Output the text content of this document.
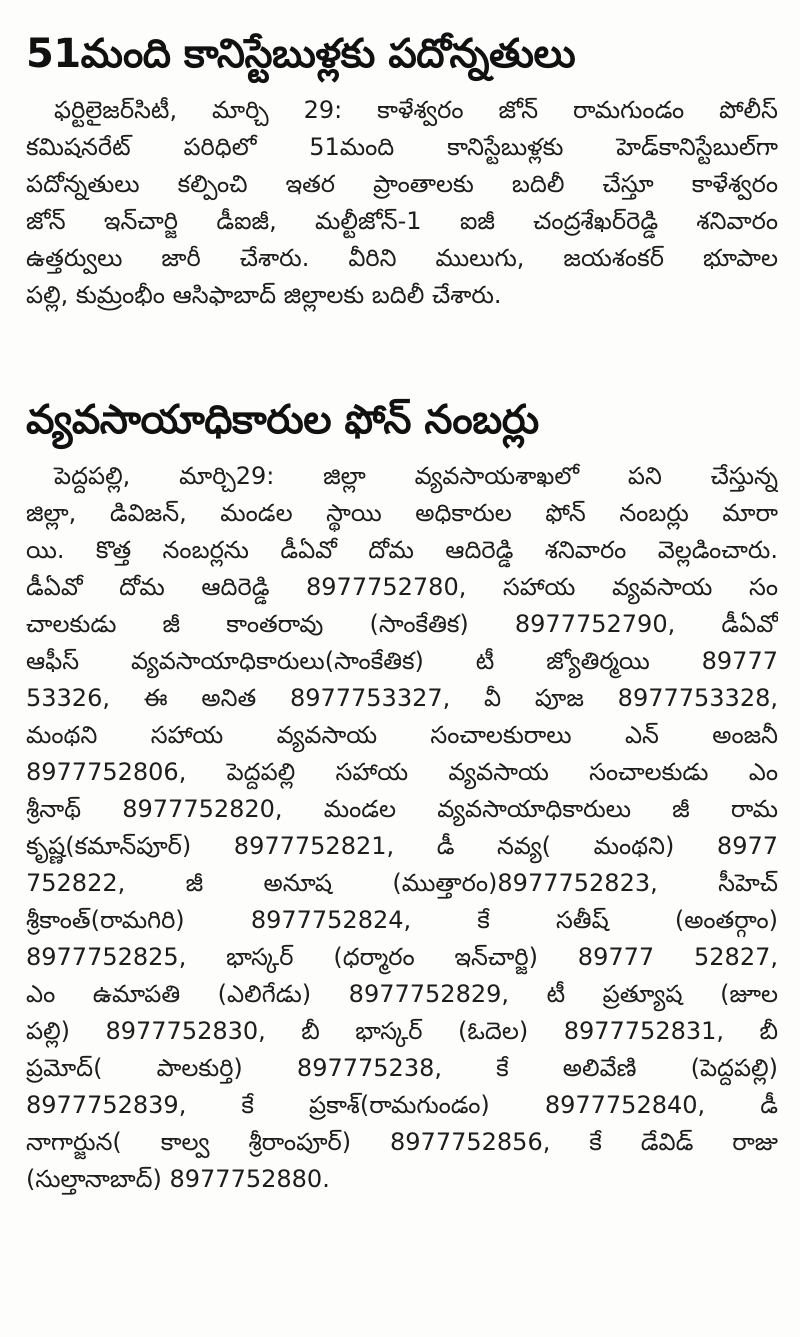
51మంది కానిస్టేబుళ్లకు పదోన్నతులు

ఫర్టిలైజర్‌సిటీ, మార్చి 29: కాళేశ్వరం జోన్ రామగుండం పోలీస్
కమిషనరేట్ పరిధిలో 51మంది కానిస్టేబుళ్లకు హెడ్‌కానిస్టేబుల్‌గా
పదోన్నతులు కల్పించి ఇతర ప్రాంతాలకు బదిలీ చేస్తూ కాళేశ్వరం
జోన్ ఇన్‌చార్జి డీఐజీ, మల్టీజోన్-1 ఐజీ చంద్రశేఖర్‌రెడ్డి శనివారం
ఉత్తర్వులు జారీ చేశారు. వీరిని ములుగు, జయశంకర్ భూపాల
పల్లి, కుమ్రంభీం ఆసిఫాబాద్ జిల్లాలకు బదిలీ చేశారు.

వ్యవసాయాధికారుల ఫోన్ నంబర్లు

పెద్దపల్లి, మార్చి29: జిల్లా వ్యవసాయశాఖలో పని చేస్తున్న
జిల్లా, డివిజన్, మండల స్థాయి అధికారుల ఫోన్ నంబర్లు మారా
యి. కొత్త నంబర్లను డీఏవో దోమ ఆదిరెడ్డి శనివారం వెల్లడించారు.
డీఏవో దోమ ఆదిరెడ్డి 8977752780, సహాయ వ్యవసాయ సం
చాలకుడు జీ కాంతరావు (సాంకేతిక) 8977752790, డీఏవో
ఆఫీస్ వ్యవసాయాధికారులు(సాంకేతిక) టీ జ్యోతిర్మయి 89777
53326, ఈ అనిత 8977753327, వీ పూజ 8977753328,
మంథని సహాయ వ్యవసాయ సంచాలకురాలు ఎన్ అంజనీ
8977752806, పెద్దపల్లి సహాయ వ్యవసాయ సంచాలకుడు ఎం
శ్రీనాథ్ 8977752820, మండల వ్యవసాయాధికారులు జీ రామ
కృష్ణ(కమాన్‌పూర్) 8977752821, డీ నవ్య( మంథని) 8977
752822, జీ అనూష (ముత్తారం)8977752823, సీహెచ్
శ్రీకాంత్(రామగిరి) 8977752824, కే సతీష్ (అంతర్గాం)
8977752825, భాస్కర్ (ధర్మారం ఇన్‌చార్జి) 89777 52827,
ఎం ఉమాపతి (ఎలిగేడు) 8977752829, టీ ప్రత్యూష (జూల
పల్లి) 8977752830, బీ భాస్కర్ (ఓదెల) 8977752831, బీ
ప్రమోద్( పాలకుర్తి) 897775238, కే అలివేణి (పెద్దపల్లి)
8977752839, కే ప్రకాశ్(రామగుండం) 8977752840, డీ
నాగార్జున( కాల్వ శ్రీరాంపూర్) 8977752856, కే డేవిడ్ రాజు
(సుల్తానాబాద్) 8977752880.
